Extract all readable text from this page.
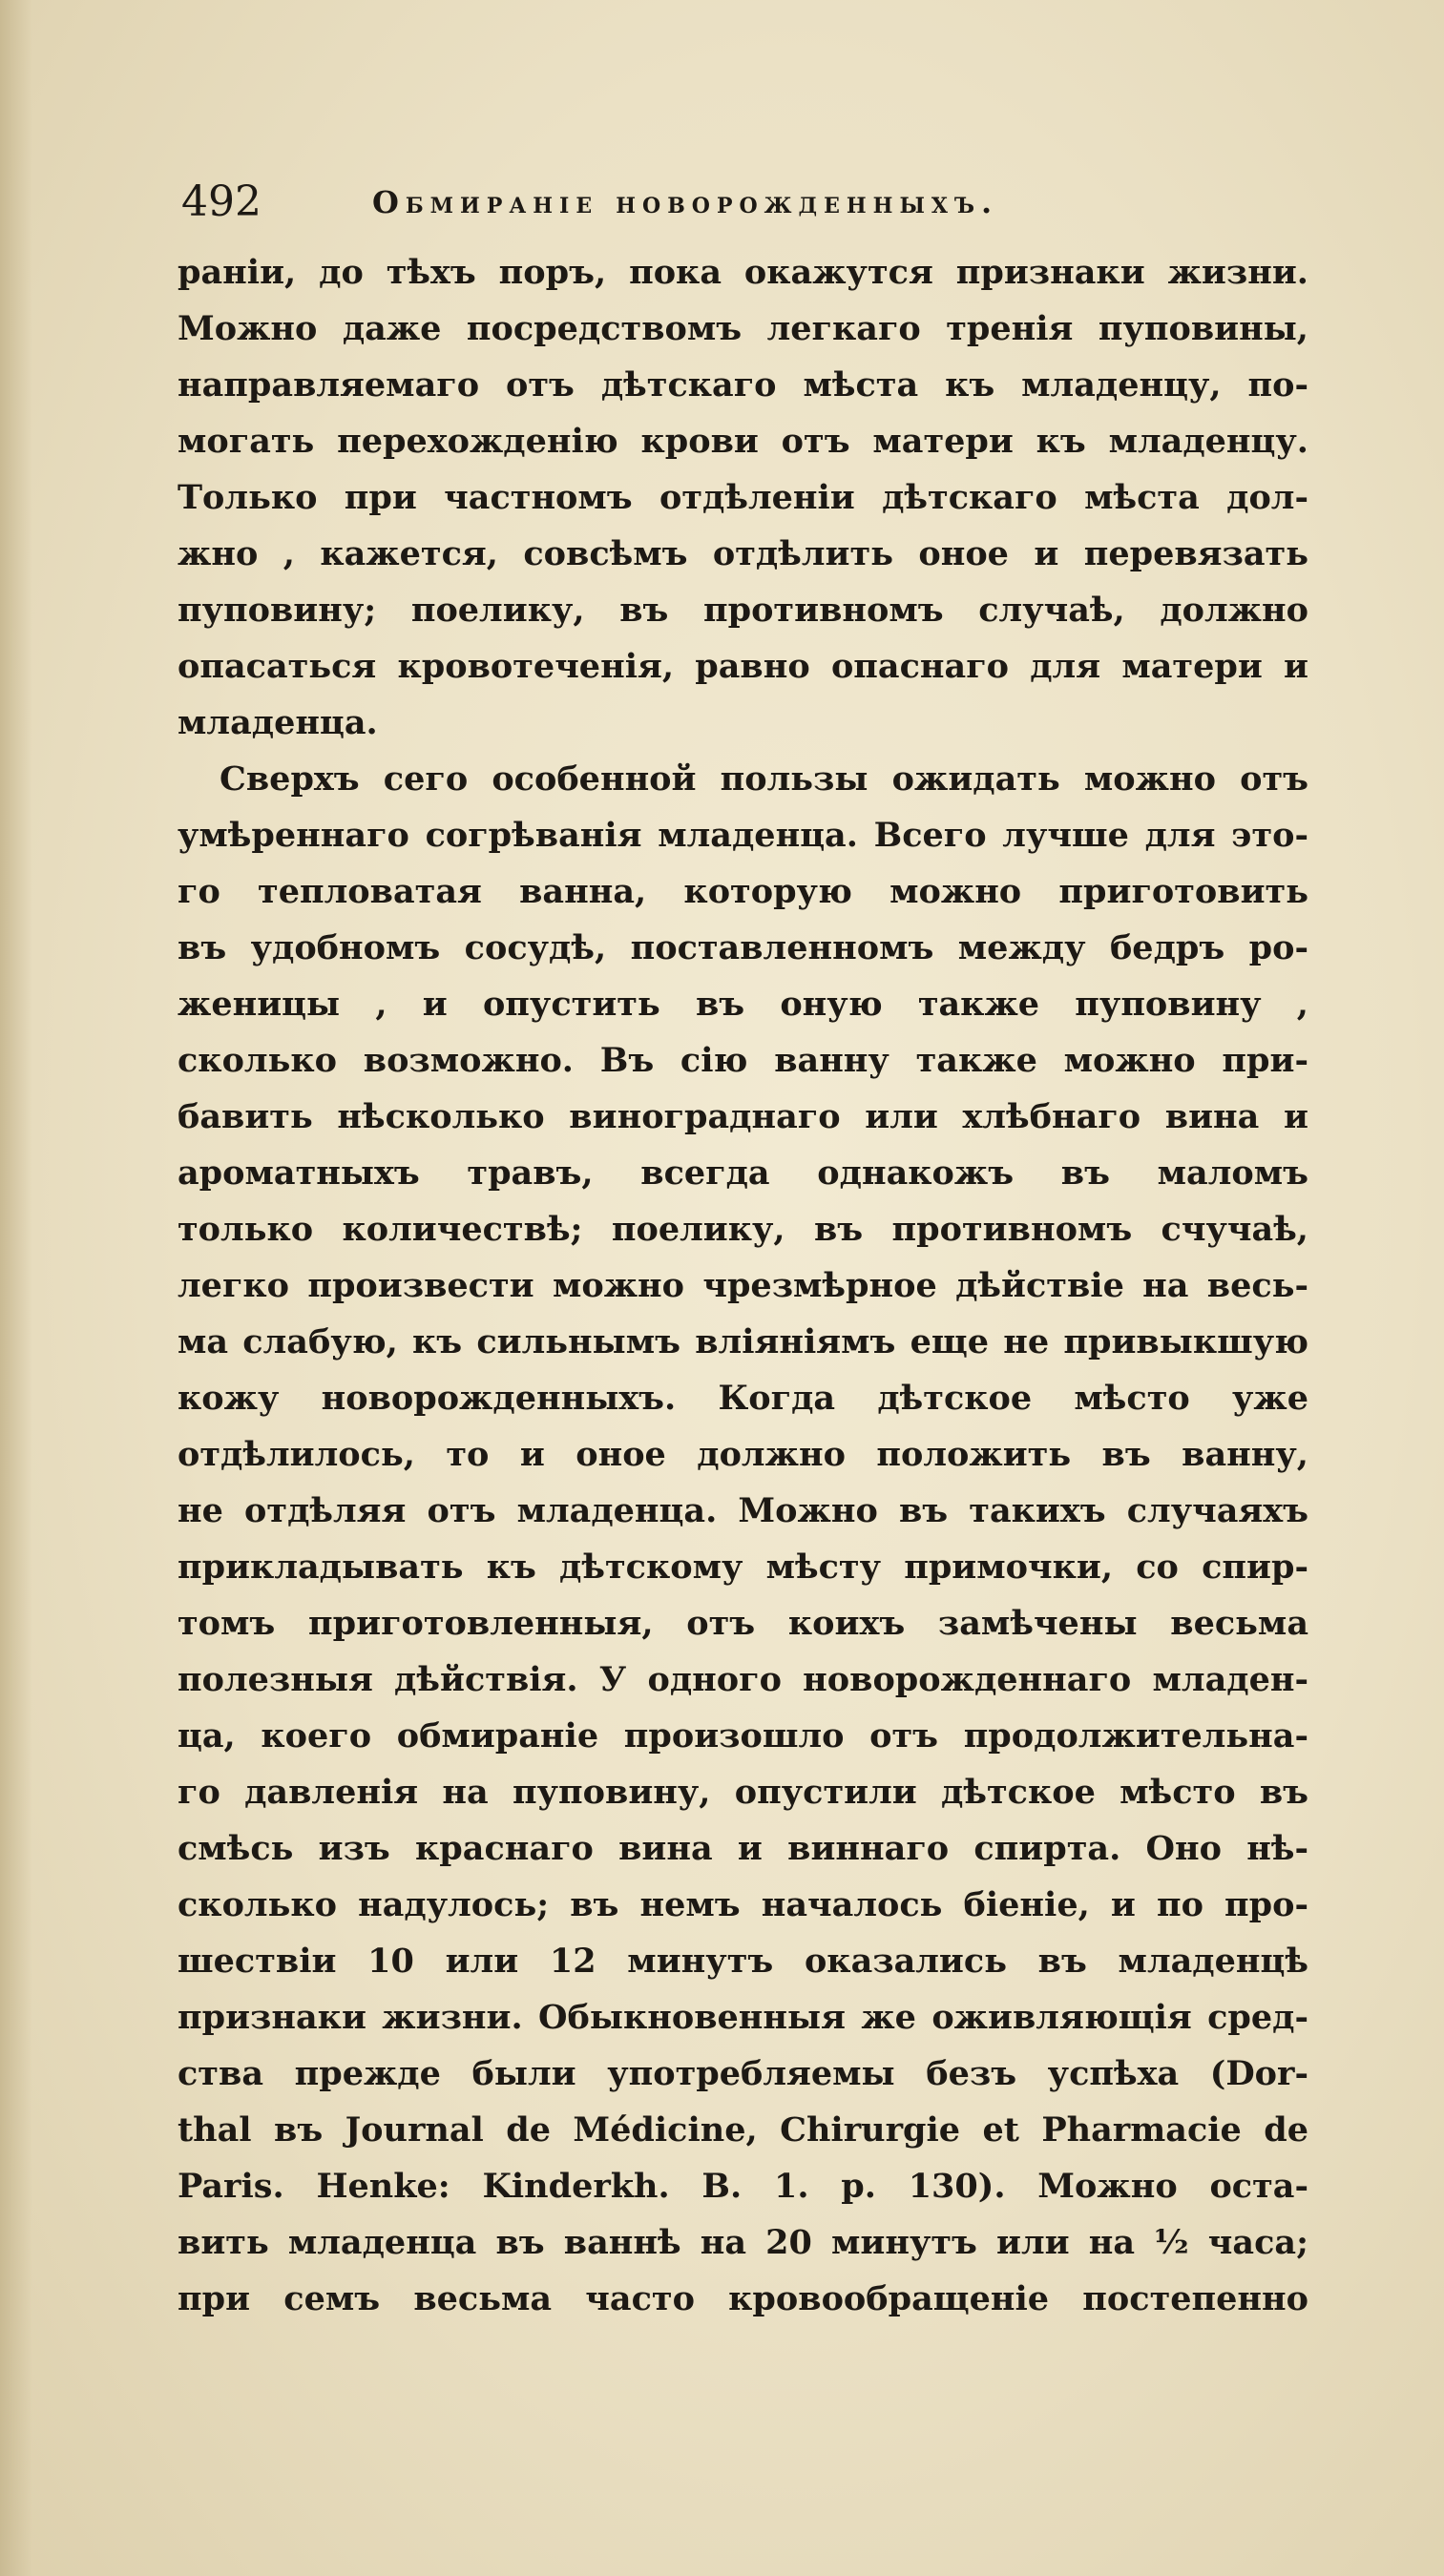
492	Обмираніе новорожденныхъ.
раніи, до тѣхъ поръ, пока окажутся признаки жизни.
Можно даже посредствомъ легкаго тренія пуповины,
направляемаго отъ дѣтскаго мѣста къ младенцу, по-
могать перехожденію крови отъ матери къ младенцу.
Только при частномъ отдѣленіи дѣтскаго мѣста дол-
жно , кажется, совсѣмъ отдѣлить оное и перевязать
пуповину; поелику, въ противномъ случаѣ, должно
опасаться кровотеченія, равно опаснаго для матери и
младенца.
Сверхъ сего особенной пользы ожидать можно отъ
умѣреннаго согрѣванія младенца. Всего лучше для это-
го тепловатая ванна, которую можно приготовить
въ удобномъ сосудѣ, поставленномъ между бедръ ро-
женицы , и опустить въ оную также пуповину ,
сколько возможно. Въ сію ванну также можно при-
бавить нѣсколько винограднаго или хлѣбнаго вина и
ароматныхъ травъ, всегда однакожъ въ маломъ
только количествѣ; поелику, въ противномъ счучаѣ,
легко произвести можно чрезмѣрное дѣйствіе на весь-
ма слабую, къ сильнымъ вліяніямъ еще не привыкшую
кожу новорожденныхъ. Когда дѣтское мѣсто уже
отдѣлилось, то и оное должно положить въ ванну,
не отдѣляя отъ младенца. Можно въ такихъ случаяхъ
прикладывать къ дѣтскому мѣсту примочки, со спир-
томъ приготовленныя, отъ коихъ замѣчены весьма
полезныя дѣйствія. У одного новорожденнаго младен-
ца, коего обмираніе произошло отъ продолжительна-
го давленія на пуповину, опустили дѣтское мѣсто въ
смѣсь изъ краснаго вина и виннаго спирта. Оно нѣ-
сколько надулось; въ немъ началось біеніе, и по про-
шествіи 10 или 12 минутъ оказались въ младенцѣ
признаки жизни. Обыкновенныя же оживляющія сред-
ства прежде были употребляемы безъ успѣха (Dor-
thal въ Journal de Médicine, Chirurgie et Pharmacie de
Paris. Henke: Kinderkh. B. 1. p. 130). Можно оста-
вить младенца въ ваннѣ на 20 минутъ или на ½ часа;
при семъ весьма часто кровообращеніе постепенно
